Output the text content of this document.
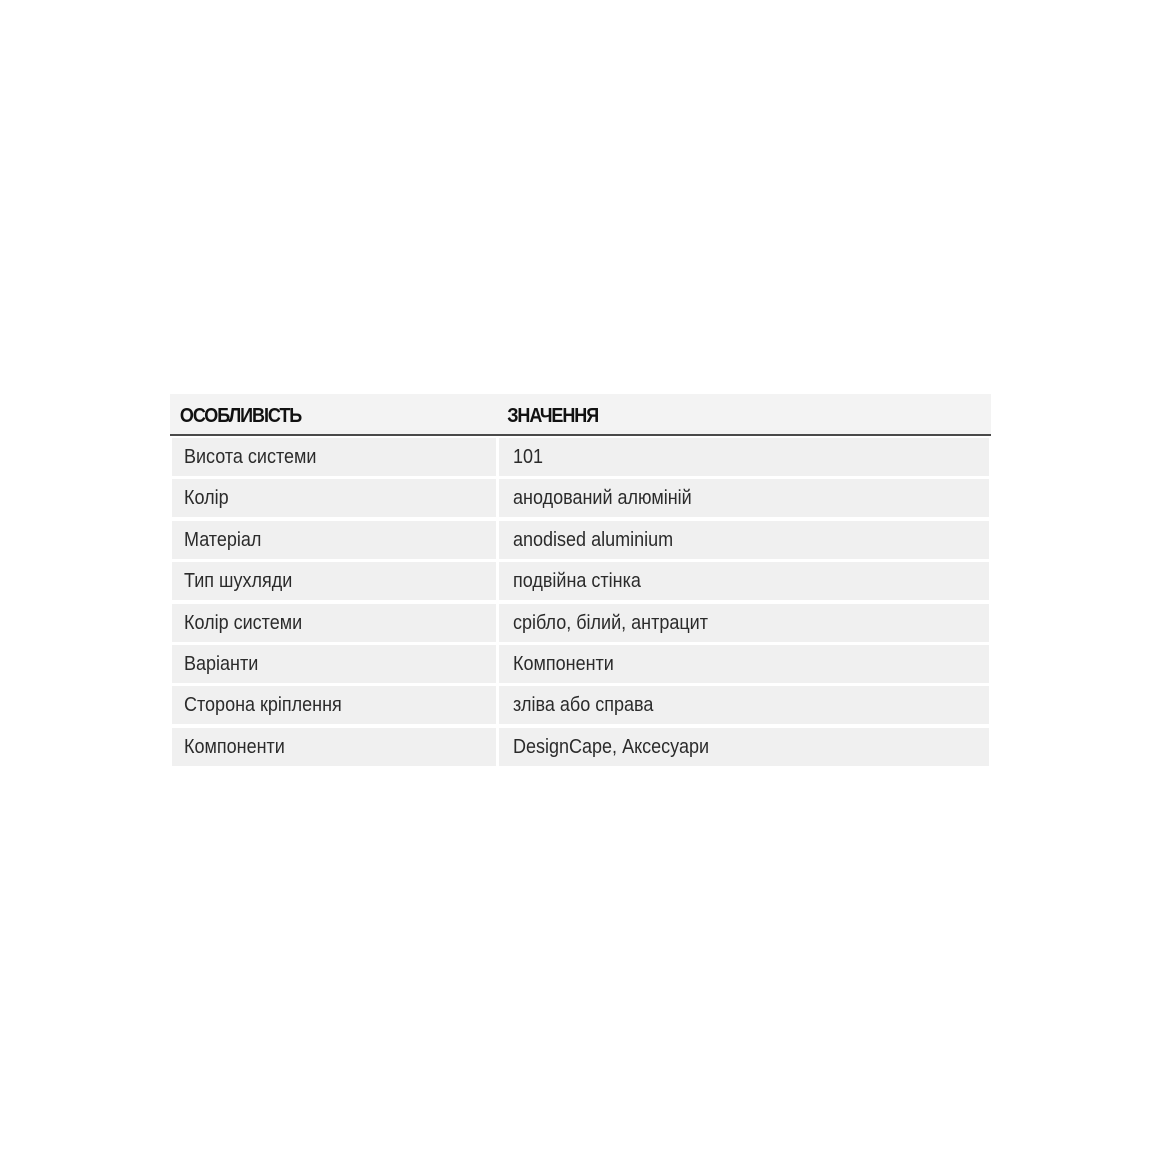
ОСОБЛИВІСТЬ	ЗНАЧЕННЯ
Висота системи	101
Колір	анодований алюміній
Матеріал	anodised aluminium
Тип шухляди	подвійна стінка
Колір системи	срібло, білий, антрацит
Варіанти	Компоненти
Сторона кріплення	зліва або справа
Компоненти	DesignCape, Аксесуари
